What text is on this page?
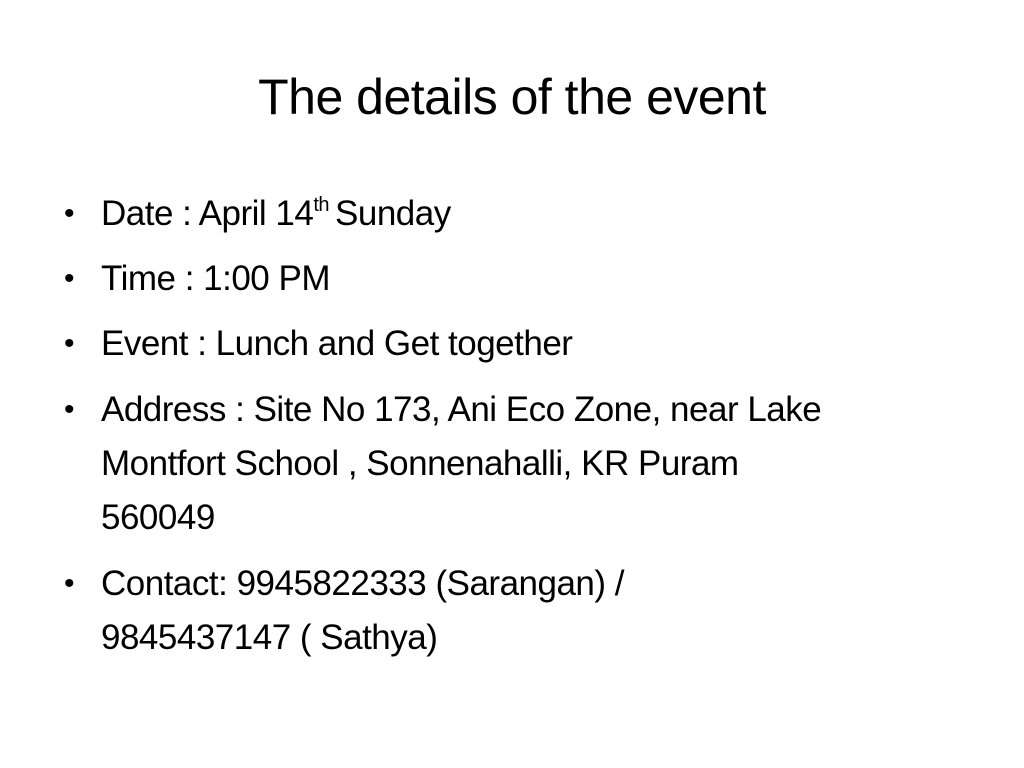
The details of the event
• Date : April 14th Sunday
• Time : 1:00 PM
• Event : Lunch and Get together
• Address : Site No 173, Ani Eco Zone, near Lake
Montfort School , Sonnenahalli, KR Puram
560049
• Contact: 9945822333 (Sarangan) /
9845437147 ( Sathya)
